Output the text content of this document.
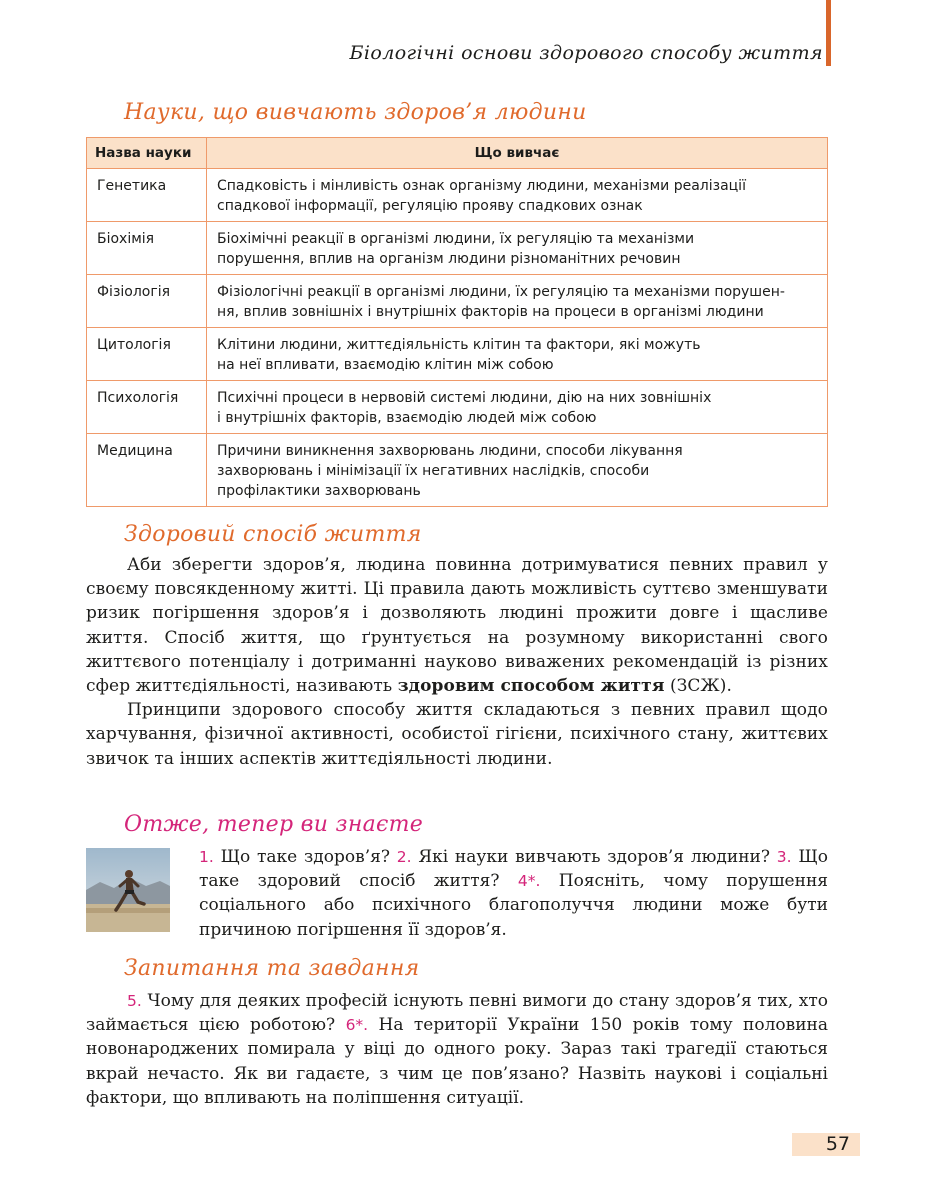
Біологічні основи здорового способу життя
Науки, що вивчають здоров’я людини
Назва науки	Що вивчає
Генетика	Спадковість і мінливість ознак організму людини, механізми реалізації
спадкової інформації, регуляцію прояву спадкових ознак

Біохімія	Біохімічні реакції в організмі людини, їх регуляцію та механізми
порушення, вплив на організм людини різноманітних речовин

Фізіологія	Фізіологічні реакції в організмі людини, їх регуляцію та механізми порушен-
ня, вплив зовнішніх і внутрішніх факторів на процеси в організмі людини

Цитологія	Клітини людини, життєдіяльність клітин та фактори, які можуть
на неї впливати, взаємодію клітин між собою

Психологія	Психічні процеси в нервовій системі людини, дію на них зовнішніх
і внутрішніх факторів, взаємодію людей між собою

Медицина	Причини виникнення захворювань людини, способи лікування
захворювань і мінімізації їх негативних наслідків, способи
профілактики захворювань
Здоровий спосіб життя

Аби зберегти здоров’я, людина повинна дотримуватися певних правил у своєму повсякденному житті. Ці правила дають можливість суттєво зменшувати ризик погіршення здоров’я і дозволяють людині прожити довге і щасливе життя. Спосіб життя, що ґрунтується на розумному використанні свого життєвого потенціалу і дотриманні науково виважених рекомендацій із різних сфер життєдіяльності, називають здоровим способом життя (ЗСЖ).

Принципи здорового способу життя складаються з певних правил щодо харчування, фізичної активності, особистої гігієни, психічного стану, життєвих звичок та інших аспектів життєдіяльності людини.

Отже, тепер ви знаєте
1. Що таке здоров’я? 2. Які науки вивчають здоров’я людини? 3. Що таке здоровий спосіб життя? 4*. Поясніть, чому порушення соціального або психічного благополуччя людини може бути причиною погіршення її здоров’я.
Запитання та завдання

5. Чому для деяких професій існують певні вимоги до стану здоров’я тих, хто займається цією роботою? 6*. На території України 150 років тому половина новонароджених помирала у віці до одного року. Зараз такі трагедії стаються вкрай нечасто. Як ви гадаєте, з чим це пов’язано? Назвіть наукові і соціальні фактори, що впливають на поліпшення ситуації.

57
